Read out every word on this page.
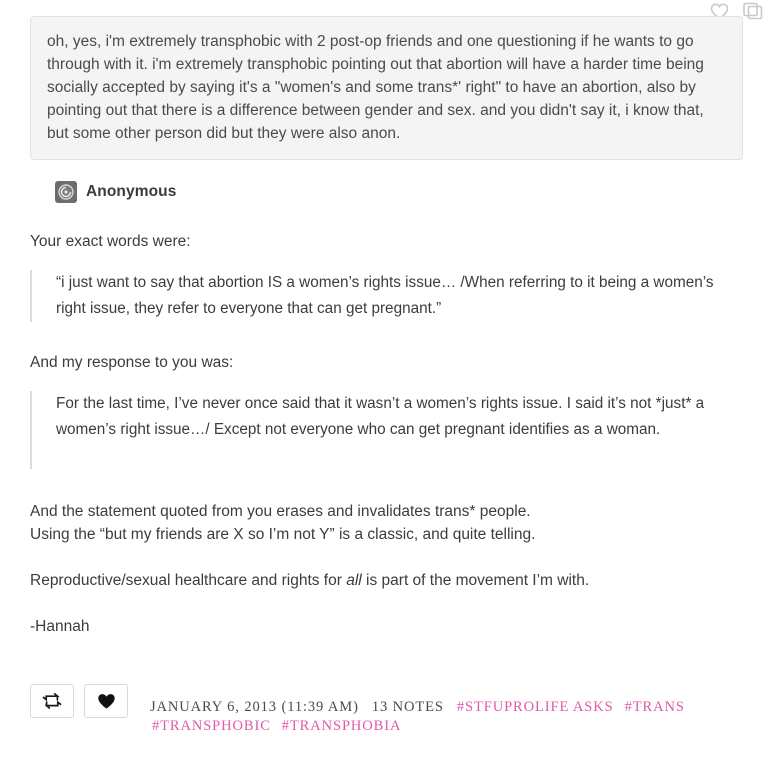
oh, yes, i'm extremely transphobic with 2 post-op friends and one questioning if he wants to go through with it. i'm extremely transphobic pointing out that abortion will have a harder time being socially accepted by saying it's a "women's and some trans*' right" to have an abortion, also by pointing out that there is a difference between gender and sex. and you didn't say it, i know that, but some other person did but they were also anon.

Anonymous
Your exact words were:
“i just want to say that abortion IS a women’s rights issue… /When referring to it being a women’s right issue, they refer to everyone that can get pregnant.”
And my response to you was:
For the last time, I’ve never once said that it wasn’t a women’s rights issue. I said it’s not *just* a women’s right issue…/ Except not everyone who can get pregnant identifies as a woman.
And the statement quoted from you erases and invalidates trans* people.

Using the “but my friends are X so I’m not Y” is a classic, and quite telling.
Reproductive/sexual healthcare and rights for all is part of the movement I’m with.
-Hannah
JANUARY 6, 2013 (11:39 AM) 13 NOTES #STFUPROLIFE ASKS #TRANS
#TRANSPHOBIC #TRANSPHOBIA
